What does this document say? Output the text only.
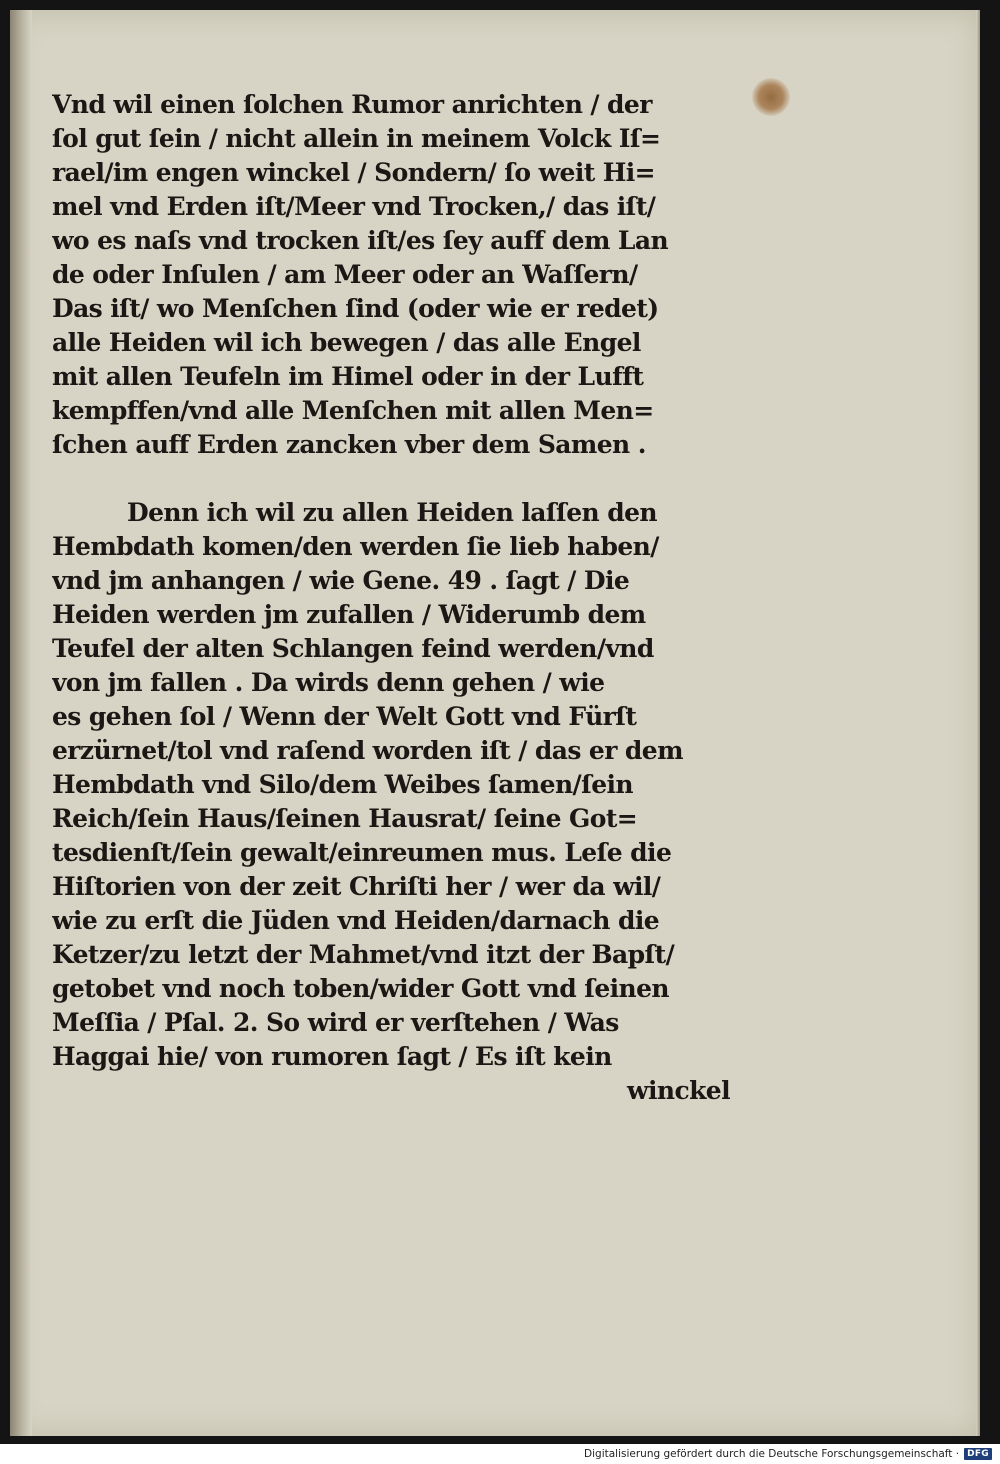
Vnd wil einen ſolchen Rumor anrichten / der
ſol gut ſein / nicht allein in meinem Volck Iſ=
rael/im engen winckel / Sondern/ ſo weit Hi=
mel vnd Erden iſt/Meer vnd Trocken,/ das iſt/
wo es naſs vnd trocken iſt/es ſey auff dem Lan
de oder Inſulen / am Meer oder an Waſſern/
Das iſt/ wo Menſchen ſind (oder wie er redet)
alle Heiden wil ich bewegen / das alle Engel
mit allen Teufeln im Himel oder in der Lufft
kempffen/vnd alle Menſchen mit allen Men=
ſchen auff Erden zancken vber dem Samen .
Denn ich wil zu allen Heiden laſſen den
Hembdath komen/den werden ſie lieb haben/
vnd jm anhangen / wie Gene. 49 . ſagt / Die
Heiden werden jm zufallen / Widerumb dem
Teufel der alten Schlangen feind werden/vnd
von jm fallen . Da wirds denn gehen / wie
es gehen ſol / Wenn der Welt Gott vnd Fürſt
erzürnet/tol vnd raſend worden iſt / das er dem
Hembdath vnd Silo/dem Weibes ſamen/ſein
Reich/ſein Haus/ſeinen Hausrat/ ſeine Got=
tesdienſt/ſein gewalt/einreumen mus. Leſe die
Hiſtorien von der zeit Chriſti her / wer da wil/
wie zu erſt die Jüden vnd Heiden/darnach die
Ketzer/zu letzt der Mahmet/vnd itzt der Bapſt/
getobet vnd noch toben/wider Gott vnd ſeinen
Meſſia / Pſal. 2. So wird er verſtehen / Was
Haggai hie/ von rumoren ſagt / Es iſt kein
winckel
Digitalisierung gefördert durch die Deutsche Forschungsgemeinschaft · DFG
